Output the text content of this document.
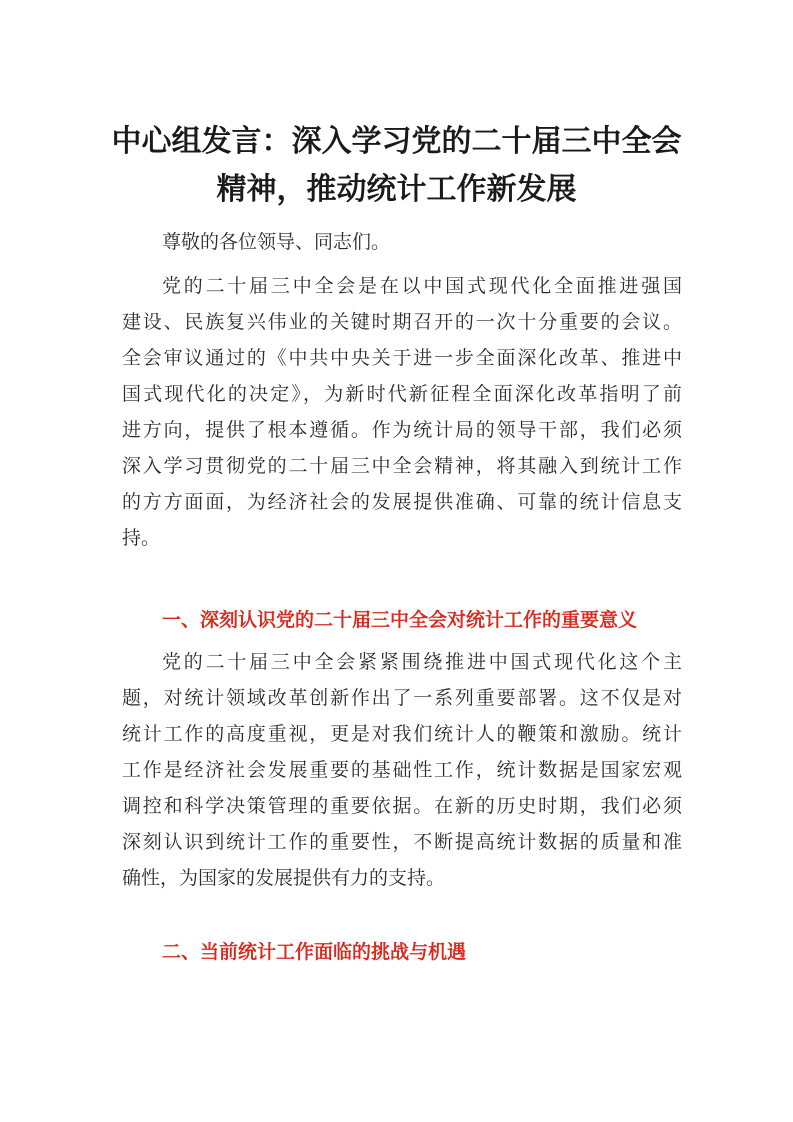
中心组发言：深入学习党的二十届三中全会
精神，推动统计工作新发展

尊敬的各位领导、同志们。

党的二十届三中全会是在以中国式现代化全面推进强国
建设、民族复兴伟业的关键时期召开的一次十分重要的会议。
全会审议通过的《中共中央关于进一步全面深化改革、推进中
国式现代化的决定》，为新时代新征程全面深化改革指明了前
进方向，提供了根本遵循。作为统计局的领导干部，我们必须
深入学习贯彻党的二十届三中全会精神，将其融入到统计工作
的方方面面，为经济社会的发展提供准确、可靠的统计信息支
持。

一、深刻认识党的二十届三中全会对统计工作的重要意义

党的二十届三中全会紧紧围绕推进中国式现代化这个主
题，对统计领域改革创新作出了一系列重要部署。这不仅是对
统计工作的高度重视，更是对我们统计人的鞭策和激励。统计
工作是经济社会发展重要的基础性工作，统计数据是国家宏观
调控和科学决策管理的重要依据。在新的历史时期，我们必须
深刻认识到统计工作的重要性，不断提高统计数据的质量和准
确性，为国家的发展提供有力的支持。

二、当前统计工作面临的挑战与机遇
